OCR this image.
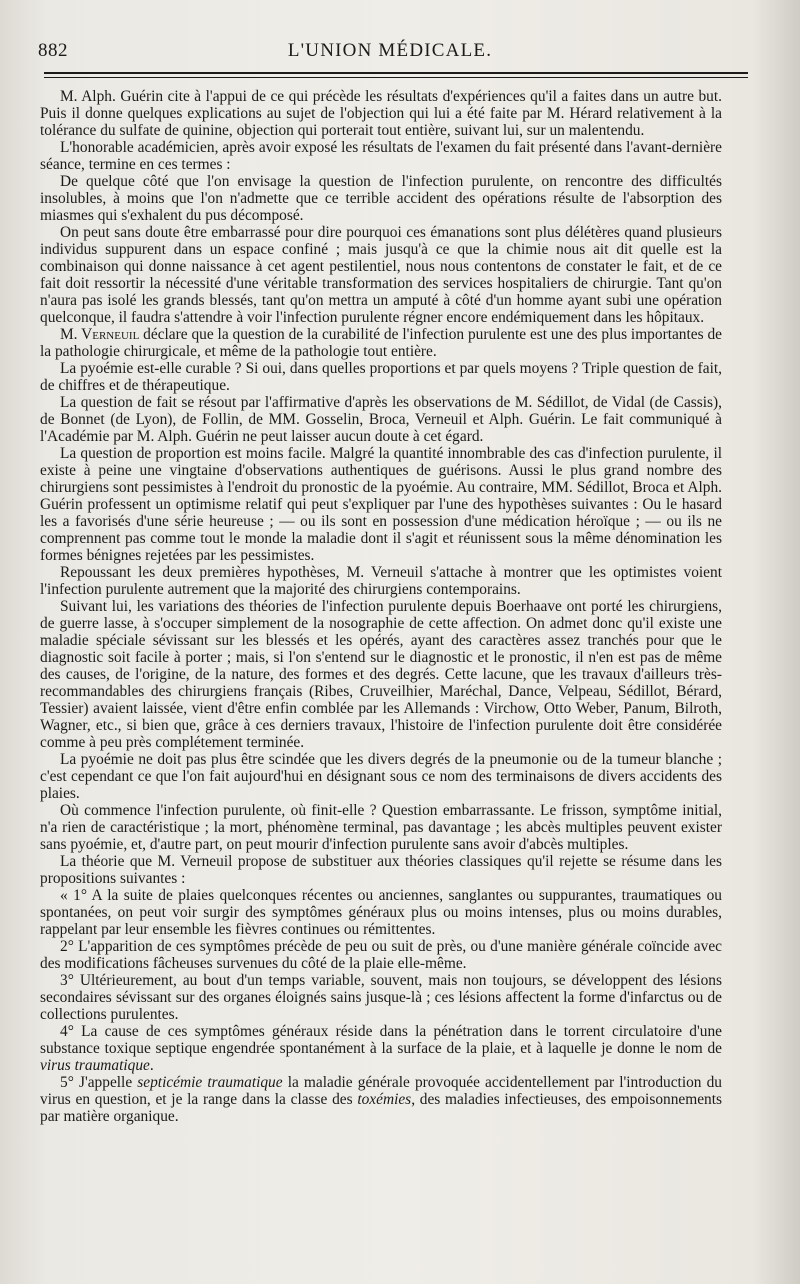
882	L'UNION MÉDICALE.

M. Alph. Guérin cite à l'appui de ce qui précède les résultats d'expériences qu'il a faites dans un autre but. Puis il donne quelques explications au sujet de l'objection qui lui a été faite par M. Hérard relativement à la tolérance du sulfate de quinine, objection qui porterait tout entière, suivant lui, sur un malentendu.

L'honorable académicien, après avoir exposé les résultats de l'examen du fait présenté dans l'avant-dernière séance, termine en ces termes :

De quelque côté que l'on envisage la question de l'infection purulente, on rencontre des difficultés insolubles, à moins que l'on n'admette que ce terrible accident des opérations résulte de l'absorption des miasmes qui s'exhalent du pus décomposé.

On peut sans doute être embarrassé pour dire pourquoi ces émanations sont plus délétères quand plusieurs individus suppurent dans un espace confiné ; mais jusqu'à ce que la chimie nous ait dit quelle est la combinaison qui donne naissance à cet agent pestilentiel, nous nous contentons de constater le fait, et de ce fait doit ressortir la nécessité d'une véritable transformation des services hospitaliers de chirurgie. Tant qu'on n'aura pas isolé les grands blessés, tant qu'on mettra un amputé à côté d'un homme ayant subi une opération quelconque, il faudra s'attendre à voir l'infection purulente régner encore endémiquement dans les hôpitaux.

M. Verneuil déclare que la question de la curabilité de l'infection purulente est une des plus importantes de la pathologie chirurgicale, et même de la pathologie tout entière.

La pyoémie est-elle curable ? Si oui, dans quelles proportions et par quels moyens ? Triple question de fait, de chiffres et de thérapeutique.

La question de fait se résout par l'affirmative d'après les observations de M. Sédillot, de Vidal (de Cassis), de Bonnet (de Lyon), de Follin, de MM. Gosselin, Broca, Verneuil et Alph. Guérin. Le fait communiqué à l'Académie par M. Alph. Guérin ne peut laisser aucun doute à cet égard.

La question de proportion est moins facile. Malgré la quantité innombrable des cas d'infection purulente, il existe à peine une vingtaine d'observations authentiques de guérisons. Aussi le plus grand nombre des chirurgiens sont pessimistes à l'endroit du pronostic de la pyoémie. Au contraire, MM. Sédillot, Broca et Alph. Guérin professent un optimisme relatif qui peut s'expliquer par l'une des hypothèses suivantes : Ou le hasard les a favorisés d'une série heureuse ; — ou ils sont en possession d'une médication héroïque ; — ou ils ne comprennent pas comme tout le monde la maladie dont il s'agit et réunissent sous la même dénomination les formes bénignes rejetées par les pessimistes.

Repoussant les deux premières hypothèses, M. Verneuil s'attache à montrer que les optimistes voient l'infection purulente autrement que la majorité des chirurgiens contemporains.

Suivant lui, les variations des théories de l'infection purulente depuis Boerhaave ont porté les chirurgiens, de guerre lasse, à s'occuper simplement de la nosographie de cette affection. On admet donc qu'il existe une maladie spéciale sévissant sur les blessés et les opérés, ayant des caractères assez tranchés pour que le diagnostic soit facile à porter ; mais, si l'on s'entend sur le diagnostic et le pronostic, il n'en est pas de même des causes, de l'origine, de la nature, des formes et des degrés. Cette lacune, que les travaux d'ailleurs très-recommandables des chirurgiens français (Ribes, Cruveilhier, Maréchal, Dance, Velpeau, Sédillot, Bérard, Tessier) avaient laissée, vient d'être enfin comblée par les Allemands : Virchow, Otto Weber, Panum, Bilroth, Wagner, etc., si bien que, grâce à ces derniers travaux, l'histoire de l'infection purulente doit être considérée comme à peu près complétement terminée.

La pyoémie ne doit pas plus être scindée que les divers degrés de la pneumonie ou de la tumeur blanche ; c'est cependant ce que l'on fait aujourd'hui en désignant sous ce nom des terminaisons de divers accidents des plaies.

Où commence l'infection purulente, où finit-elle ? Question embarrassante. Le frisson, symptôme initial, n'a rien de caractéristique ; la mort, phénomène terminal, pas davantage ; les abcès multiples peuvent exister sans pyoémie, et, d'autre part, on peut mourir d'infection purulente sans avoir d'abcès multiples.

La théorie que M. Verneuil propose de substituer aux théories classiques qu'il rejette se résume dans les propositions suivantes :

« 1° A la suite de plaies quelconques récentes ou anciennes, sanglantes ou suppurantes, traumatiques ou spontanées, on peut voir surgir des symptômes généraux plus ou moins intenses, plus ou moins durables, rappelant par leur ensemble les fièvres continues ou rémittentes.

2° L'apparition de ces symptômes précède de peu ou suit de près, ou d'une manière générale coïncide avec des modifications fâcheuses survenues du côté de la plaie elle-même.

3° Ultérieurement, au bout d'un temps variable, souvent, mais non toujours, se développent des lésions secondaires sévissant sur des organes éloignés sains jusque-là ; ces lésions affectent la forme d'infarctus ou de collections purulentes.

4° La cause de ces symptômes généraux réside dans la pénétration dans le torrent circulatoire d'une substance toxique septique engendrée spontanément à la surface de la plaie, et à laquelle je donne le nom de virus traumatique.

5° J'appelle septicémie traumatique la maladie générale provoquée accidentellement par l'introduction du virus en question, et je la range dans la classe des toxémies, des maladies infectieuses, des empoisonnements par matière organique.
